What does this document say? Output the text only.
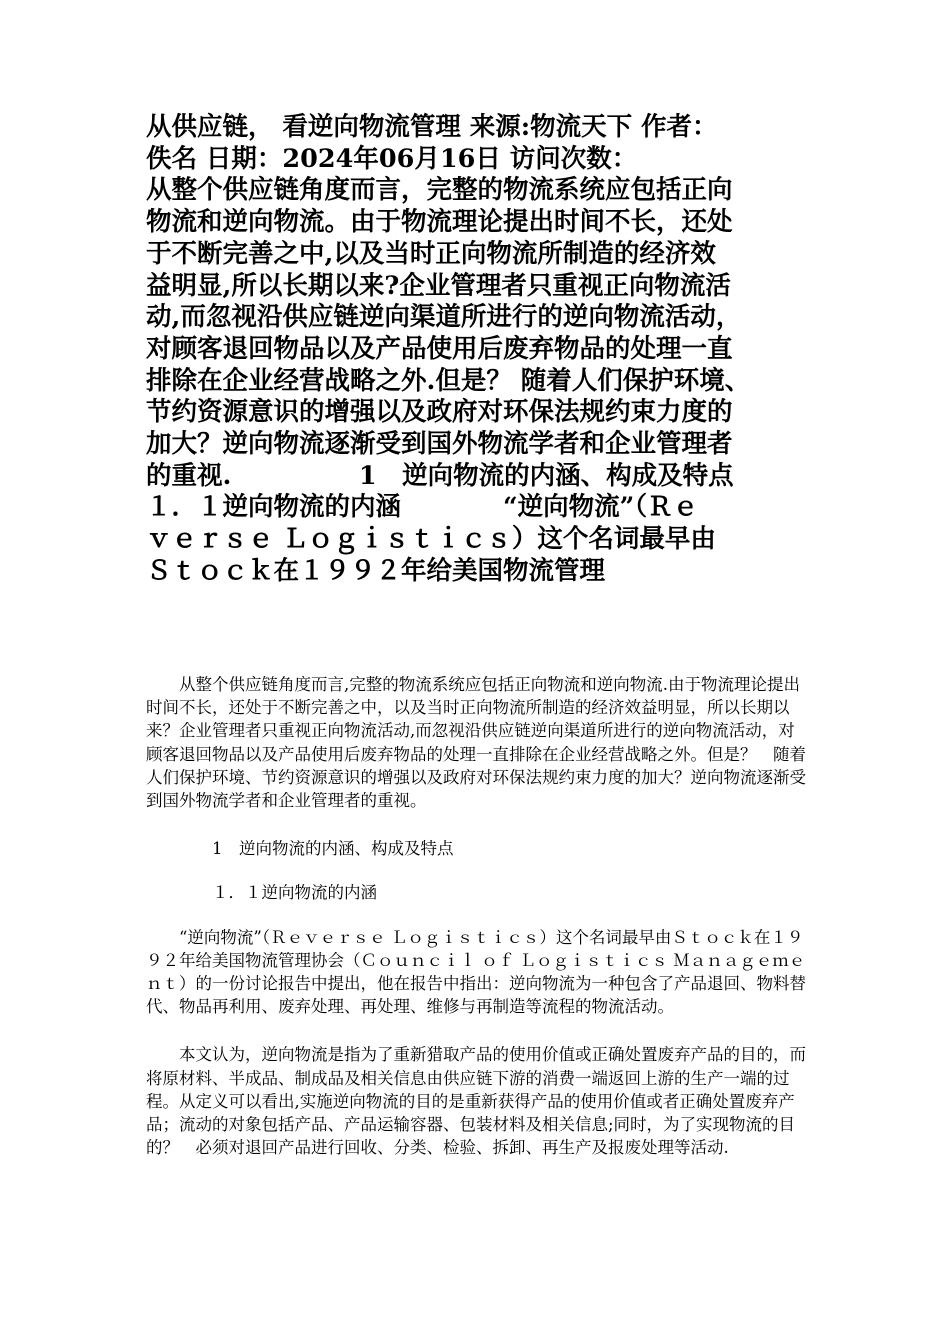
从供应链， 看逆向物流管理 来源:物流天下 作者：
佚名 日期：2024年06月16日 访问次数：
从整个供应链角度而言，完整的物流系统应包括正向
物流和逆向物流。由于物流理论提出时间不长，还处
于不断完善之中,以及当时正向物流所制造的经济效
益明显,所以长期以来?企业管理者只重视正向物流活
动,而忽视沿供应链逆向渠道所进行的逆向物流活动，
对顾客退回物品以及产品使用后废弃物品的处理一直
排除在企业经营战略之外.但是？ 随着人们保护环境、
节约资源意识的增强以及政府对环保法规约束力度的
加大？逆向物流逐渐受到国外物流学者和企业管理者
的重视.　　　　　1　逆向物流的内涵、构成及特点
１．１逆向物流的内涵　　　　“逆向物流”（Ｒｅ
ｖｅｒｓｅ Ｌｏｇｉｓｔｉｃｓ）这个名词最早由
Ｓｔｏｃｋ在１９９２年给美国物流管理

从整个供应链角度而言,完整的物流系统应包括正向物流和逆向物流.由于物流理论提出时间不长，还处于不断完善之中，以及当时正向物流所制造的经济效益明显，所以长期以来？企业管理者只重视正向物流活动,而忽视沿供应链逆向渠道所进行的逆向物流活动，对顾客退回物品以及产品使用后废弃物品的处理一直排除在企业经营战略之外。但是？　随着人们保护环境、节约资源意识的增强以及政府对环保法规约束力度的加大？逆向物流逐渐受到国外物流学者和企业管理者的重视。

1　逆向物流的内涵、构成及特点

１．１逆向物流的内涵

“逆向物流”（Ｒｅｖｅｒｓｅ Ｌｏｇｉｓｔｉｃｓ）这个名词最早由Ｓｔｏｃｋ在１９９２年给美国物流管理协会（Ｃｏｕｎｃｉｌ ｏｆ Ｌｏｇｉｓｔｉｃｓ Ｍａｎａｇｅｍｅｎｔ）的一份讨论报告中提出，他在报告中指出：逆向物流为一种包含了产品退回、物料替代、物品再利用、废弃处理、再处理、维修与再制造等流程的物流活动。

本文认为，逆向物流是指为了重新猎取产品的使用价值或正确处置废弃产品的目的，而将原材料、半成品、制成品及相关信息由供应链下游的消费一端返回上游的生产一端的过程。从定义可以看出,实施逆向物流的目的是重新获得产品的使用价值或者正确处置废弃产品；流动的对象包括产品、产品运输容器、包装材料及相关信息;同时，为了实现物流的目的？　必须对退回产品进行回收、分类、检验、拆卸、再生产及报废处理等活动.
